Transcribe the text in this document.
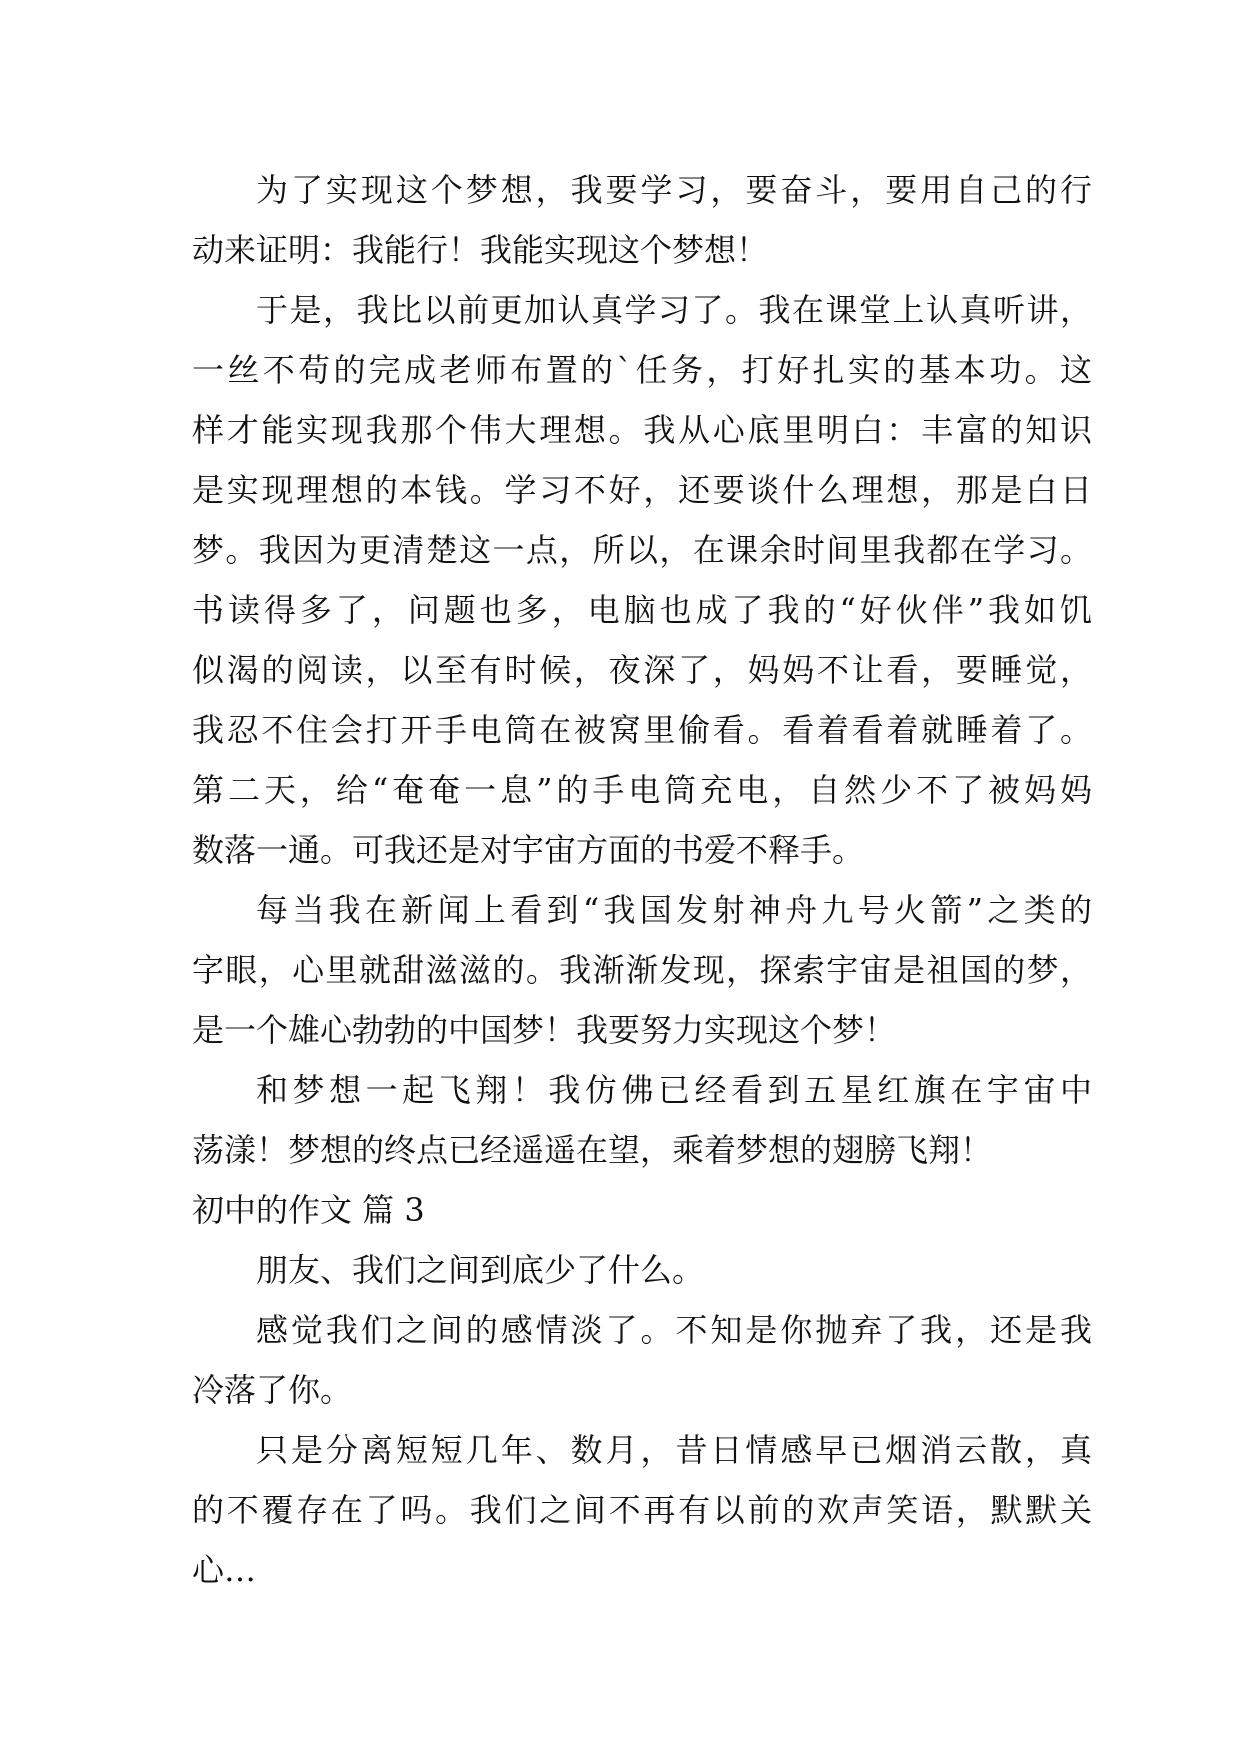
为了实现这个梦想，我要学习，要奋斗，要用自己的行
动来证明：我能行！我能实现这个梦想！
于是，我比以前更加认真学习了。我在课堂上认真听讲，
一丝不苟的完成老师布置的`任务，打好扎实的基本功。这
样才能实现我那个伟大理想。我从心底里明白：丰富的知识
是实现理想的本钱。学习不好，还要谈什么理想，那是白日
梦。我因为更清楚这一点，所以，在课余时间里我都在学习。
书读得多了，问题也多，电脑也成了我的“好伙伴”我如饥
似渴的阅读，以至有时候，夜深了，妈妈不让看，要睡觉，
我忍不住会打开手电筒在被窝里偷看。看着看着就睡着了。
第二天，给“奄奄一息”的手电筒充电，自然少不了被妈妈
数落一通。可我还是对宇宙方面的书爱不释手。
每当我在新闻上看到“我国发射神舟九号火箭”之类的
字眼，心里就甜滋滋的。我渐渐发现，探索宇宙是祖国的梦，
是一个雄心勃勃的中国梦！我要努力实现这个梦！
和梦想一起飞翔！我仿佛已经看到五星红旗在宇宙中
荡漾！梦想的终点已经遥遥在望，乘着梦想的翅膀飞翔！
初中的作文 篇 3
朋友、我们之间到底少了什么。
感觉我们之间的感情淡了。不知是你抛弃了我，还是我
冷落了你。
只是分离短短几年、数月，昔日情感早已烟消云散，真
的不覆存在了吗。我们之间不再有以前的欢声笑语，默默关
心…
